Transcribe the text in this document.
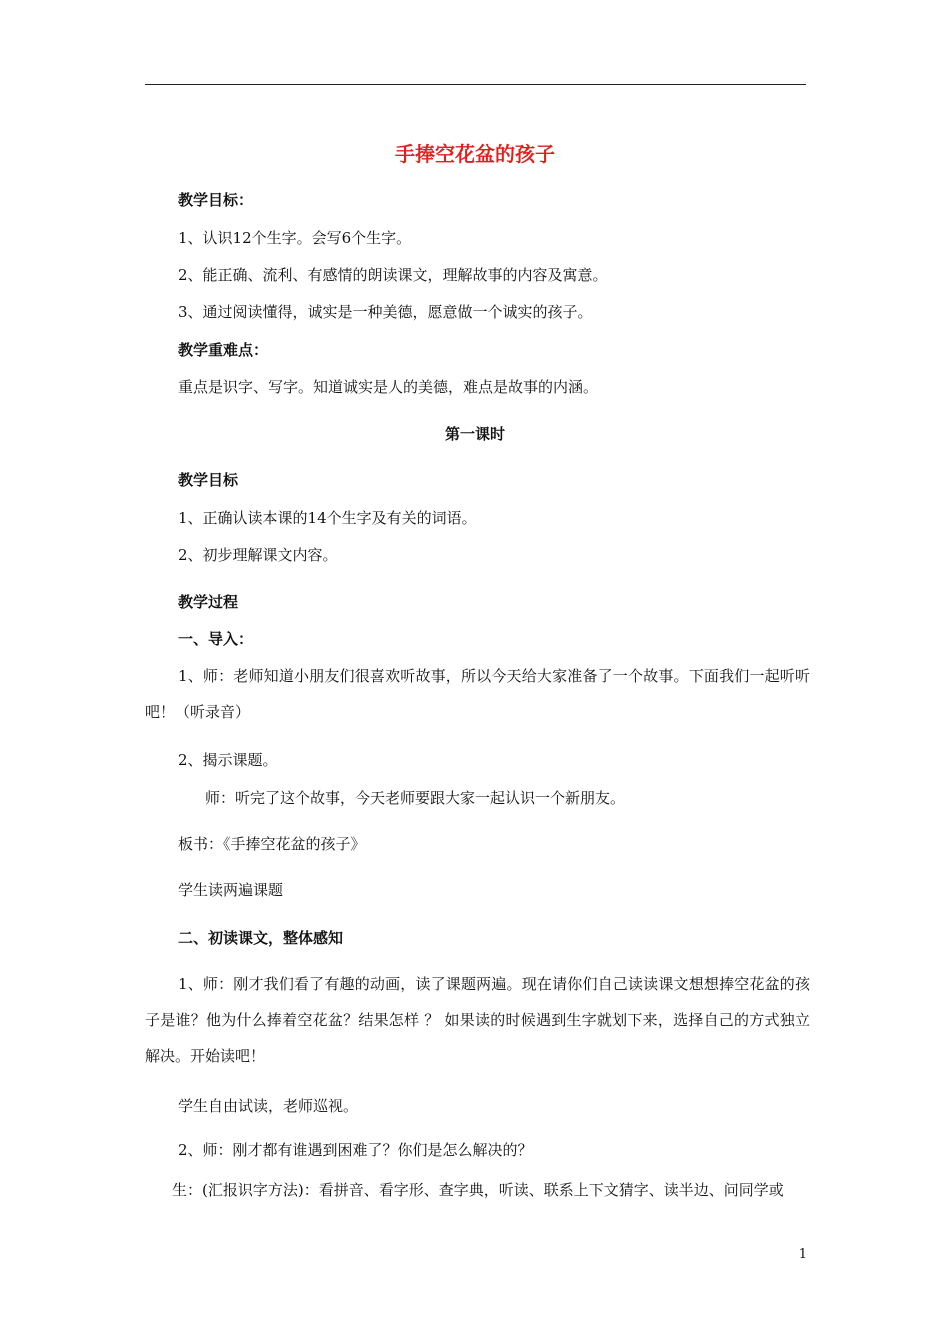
手捧空花盆的孩子
教学目标：
1、认识12个生字。会写6个生字。
2、能正确、流利、有感情的朗读课文，理解故事的内容及寓意。
3、通过阅读懂得，诚实是一种美德，愿意做一个诚实的孩子。
教学重难点：
重点是识字、写字。知道诚实是人的美德，难点是故事的内涵。
第一课时
教学目标
1、正确认读本课的14个生字及有关的词语。
2、初步理解课文内容。
教学过程
一、导入：
1、师：老师知道小朋友们很喜欢听故事，所以今天给大家准备了一个故事。下面我们一起听听吧！（听录音）
2、揭示课题。
师：听完了这个故事，今天老师要跟大家一起认识一个新朋友。
板书：《手捧空花盆的孩子》
学生读两遍课题
二、初读课文，整体感知
1、师：刚才我们看了有趣的动画，读了课题两遍。现在请你们自己读读课文想想捧空花盆的孩子是谁？他为什么捧着空花盆？结果怎样 ？ 如果读的时候遇到生字就划下来，选择自己的方式独立解决。开始读吧！
学生自由试读，老师巡视。
2、师：刚才都有谁遇到困难了？你们是怎么解决的？
生：(汇报识字方法)：看拼音、看字形、查字典，听读、联系上下文猜字、读半边、问同学或
1
